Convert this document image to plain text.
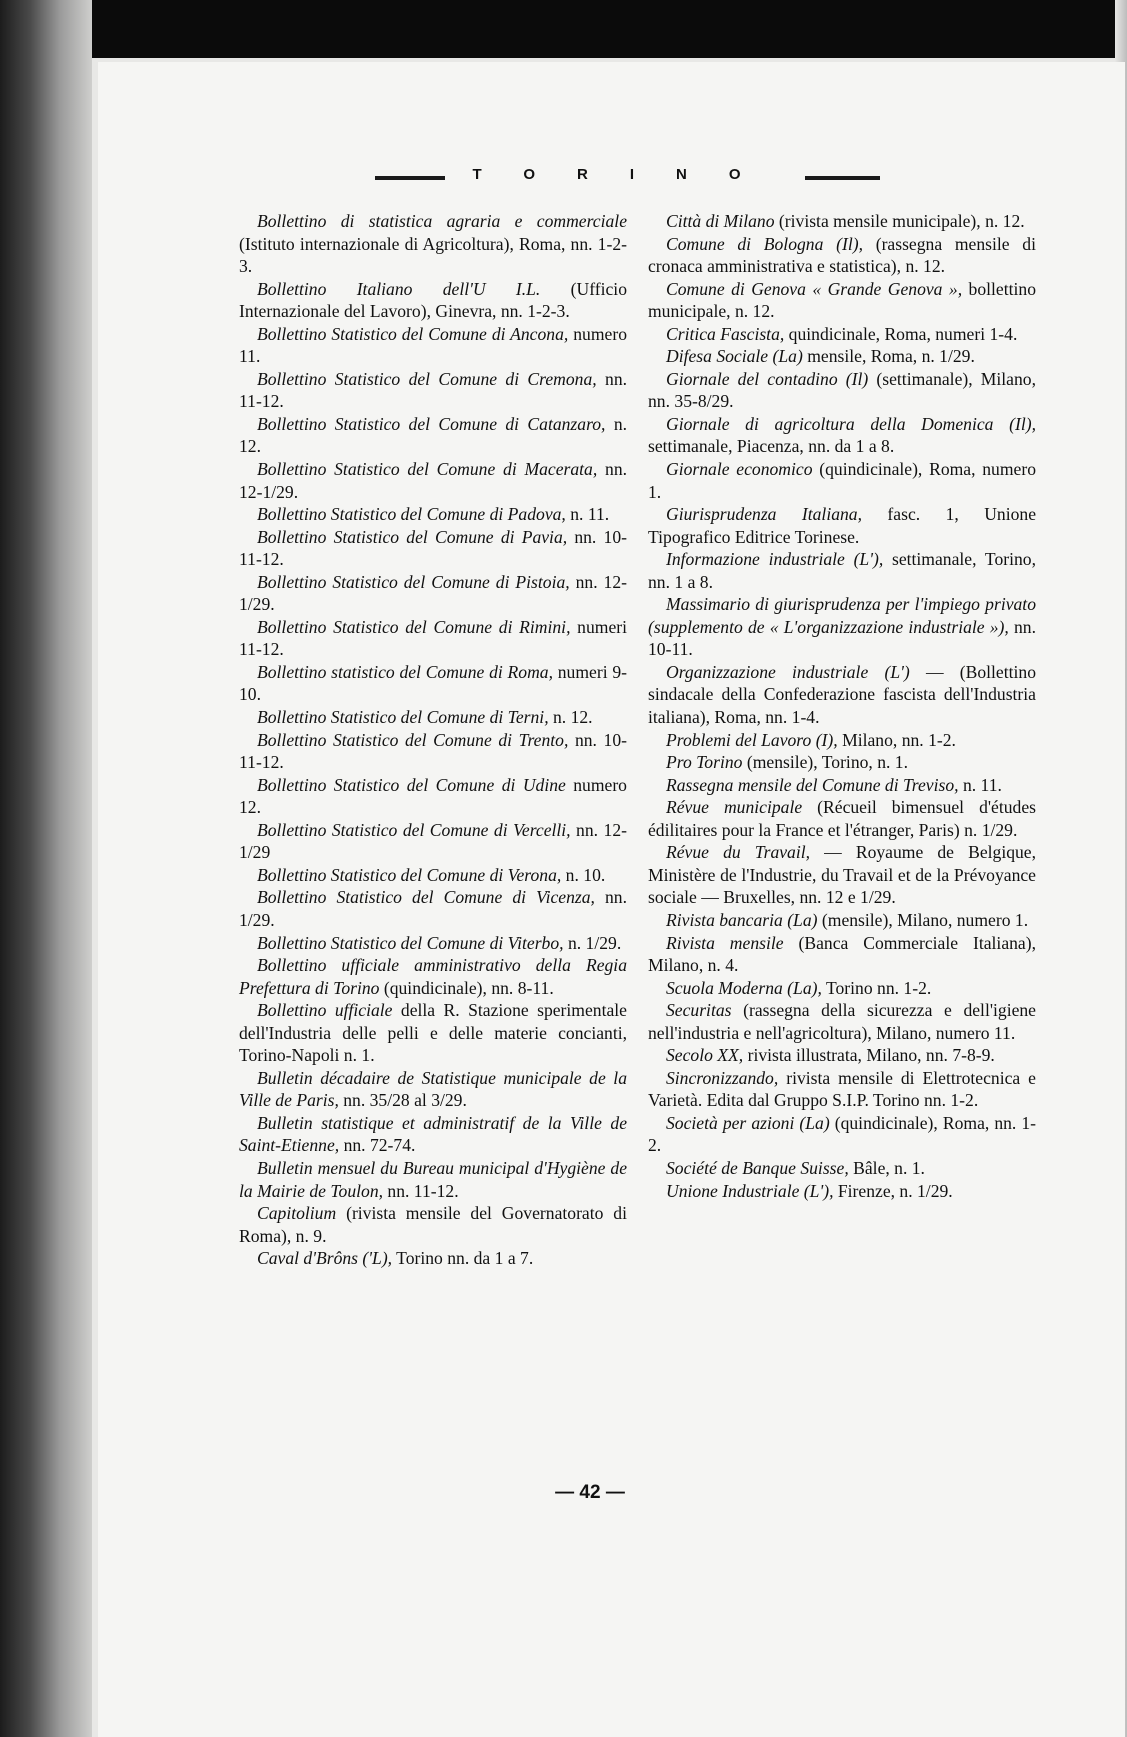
TORINO

Bollettino di statistica agraria e commerciale (Istituto internazionale di Agricoltura), Roma, nn. 1-2-3.

Bollettino Italiano dell'U I.L. (Ufficio Internazionale del Lavoro), Ginevra, nn. 1-2-3.

Bollettino Statistico del Comune di Ancona, numero 11.

Bollettino Statistico del Comune di Cremona, nn. 11-12.

Bollettino Statistico del Comune di Catanzaro, n. 12.

Bollettino Statistico del Comune di Macerata, nn. 12-1/29.

Bollettino Statistico del Comune di Padova, n. 11.

Bollettino Statistico del Comune di Pavia, nn. 10-11-12.

Bollettino Statistico del Comune di Pistoia, nn. 12-1/29.

Bollettino Statistico del Comune di Rimini, numeri 11-12.

Bollettino statistico del Comune di Roma, numeri 9-10.

Bollettino Statistico del Comune di Terni, n. 12.

Bollettino Statistico del Comune di Trento, nn. 10-11-12.

Bollettino Statistico del Comune di Udine numero 12.

Bollettino Statistico del Comune di Vercelli, nn. 12-1/29

Bollettino Statistico del Comune di Verona, n. 10.

Bollettino Statistico del Comune di Vicenza, nn. 1/29.

Bollettino Statistico del Comune di Viterbo, n. 1/29.

Bollettino ufficiale amministrativo della Regia Prefettura di Torino (quindicinale), nn. 8-11.

Bollettino ufficiale della R. Stazione sperimentale dell'Industria delle pelli e delle materie concianti, Torino-Napoli n. 1.

Bulletin décadaire de Statistique municipale de la Ville de Paris, nn. 35/28 al 3/29.

Bulletin statistique et administratif de la Ville de Saint-Etienne, nn. 72-74.

Bulletin mensuel du Bureau municipal d'Hygiène de la Mairie de Toulon, nn. 11-12.

Capitolium (rivista mensile del Governatorato di Roma), n. 9.

Caval d'Brôns ('L), Torino nn. da 1 a 7.

Città di Milano (rivista mensile municipale), n. 12.

Comune di Bologna (Il), (rassegna mensile di cronaca amministrativa e statistica), n. 12.

Comune di Genova « Grande Genova », bollettino municipale, n. 12.

Critica Fascista, quindicinale, Roma, numeri 1-4.

Difesa Sociale (La) mensile, Roma, n. 1/29.

Giornale del contadino (Il) (settimanale), Milano, nn. 35-8/29.

Giornale di agricoltura della Domenica (Il), settimanale, Piacenza, nn. da 1 a 8.

Giornale economico (quindicinale), Roma, numero 1.

Giurisprudenza Italiana, fasc. 1, Unione Tipografico Editrice Torinese.

Informazione industriale (L'), settimanale, Torino, nn. 1 a 8.

Massimario di giurisprudenza per l'impiego privato (supplemento de « L'organizzazione industriale »), nn. 10-11.

Organizzazione industriale (L') — (Bollettino sindacale della Confederazione fascista dell'Industria italiana), Roma, nn. 1-4.

Problemi del Lavoro (I), Milano, nn. 1-2.

Pro Torino (mensile), Torino, n. 1.

Rassegna mensile del Comune di Treviso, n. 11.

Révue municipale (Récueil bimensuel d'études édilitaires pour la France et l'étranger, Paris) n. 1/29.

Révue du Travail, — Royaume de Belgique, Ministère de l'Industrie, du Travail et de la Prévoyance sociale — Bruxelles, nn. 12 e 1/29.

Rivista bancaria (La) (mensile), Milano, numero 1.

Rivista mensile (Banca Commerciale Italiana), Milano, n. 4.

Scuola Moderna (La), Torino nn. 1-2.

Securitas (rassegna della sicurezza e dell'igiene nell'industria e nell'agricoltura), Milano, numero 11.

Secolo XX, rivista illustrata, Milano, nn. 7-8-9.

Sincronizzando, rivista mensile di Elettrotecnica e Varietà. Edita dal Gruppo S.I.P. Torino nn. 1-2.

Società per azioni (La) (quindicinale), Roma, nn. 1-2.

Société de Banque Suisse, Bâle, n. 1.

Unione Industriale (L'), Firenze, n. 1/29.

— 42 —
